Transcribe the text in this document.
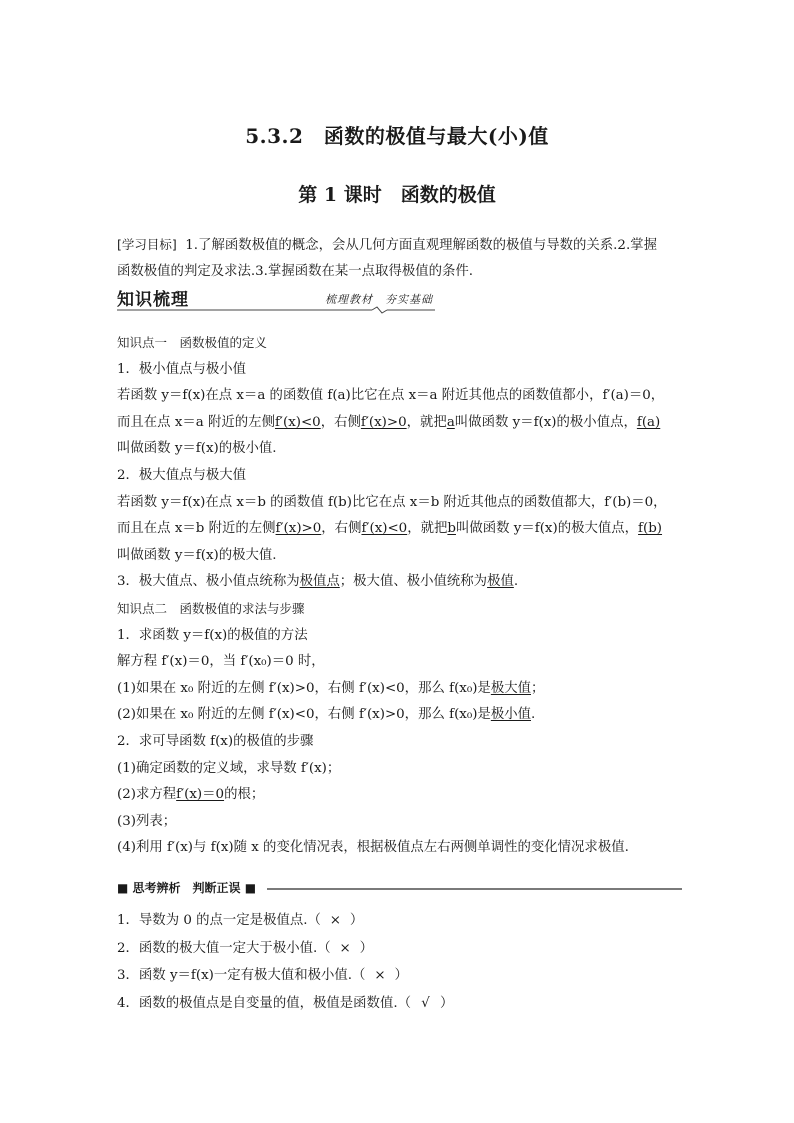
5.3.2　函数的极值与最大(小)值
第 1 课时　函数的极值
[学习目标] 1.了解函数极值的概念，会从几何方面直观理解函数的极值与导数的关系.2.掌握
函数极值的判定及求法.3.掌握函数在某一点取得极值的条件.
知识梳理	梳理教材　夯实基础
知识点一　函数极值的定义
1．极小值点与极小值
若函数 y＝f(x)在点 x＝a 的函数值 f(a)比它在点 x＝a 附近其他点的函数值都小，f′(a)＝0，
而且在点 x＝a 附近的左侧f′(x)<0，右侧f′(x)>0，就把a叫做函数 y＝f(x)的极小值点，f(a)
叫做函数 y＝f(x)的极小值.
2．极大值点与极大值
若函数 y＝f(x)在点 x＝b 的函数值 f(b)比它在点 x＝b 附近其他点的函数值都大，f′(b)＝0，
而且在点 x＝b 附近的左侧f′(x)>0，右侧f′(x)<0，就把b叫做函数 y＝f(x)的极大值点，f(b)
叫做函数 y＝f(x)的极大值.
3．极大值点、极小值点统称为极值点；极大值、极小值统称为极值.
知识点二　函数极值的求法与步骤
1．求函数 y＝f(x)的极值的方法
解方程 f′(x)＝0，当 f′(x₀)＝0 时，
(1)如果在 x₀ 附近的左侧 f′(x)>0，右侧 f′(x)<0，那么 f(x₀)是极大值；
(2)如果在 x₀ 附近的左侧 f′(x)<0，右侧 f′(x)>0，那么 f(x₀)是极小值.
2．求可导函数 f(x)的极值的步骤
(1)确定函数的定义域，求导数 f′(x)；
(2)求方程f′(x)＝0的根；
(3)列表；
(4)利用 f′(x)与 f(x)随 x 的变化情况表，根据极值点左右两侧单调性的变化情况求极值.
■ 思考辨析　判断正误 ■
1．导数为 0 的点一定是极值点.（ × ）
2．函数的极大值一定大于极小值.（ × ）
3．函数 y＝f(x)一定有极大值和极小值.（ × ）
4．函数的极值点是自变量的值，极值是函数值.（ √ ）
